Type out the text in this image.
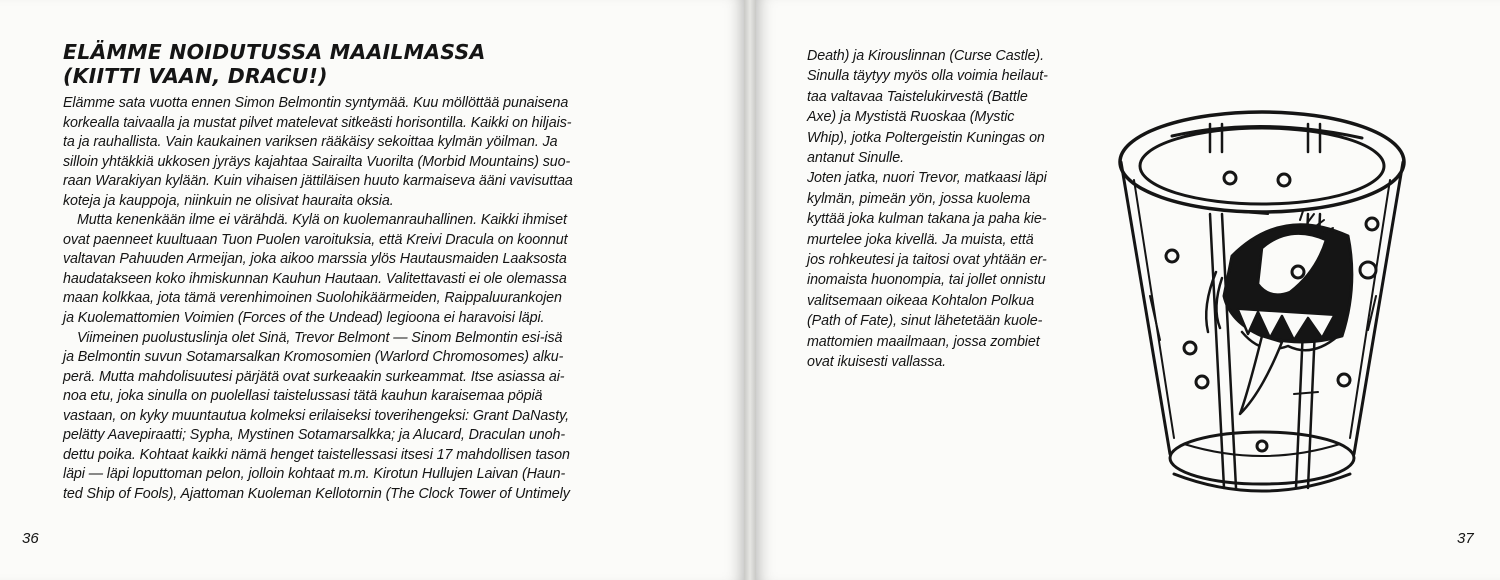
ELÄMME NOIDUTUSSA MAAILMASSA
(KIITTI VAAN, DRACU!)
Elämme sata vuotta ennen Simon Belmontin syntymää. Kuu möllöttää punaisena
korkealla taivaalla ja mustat pilvet matelevat sitkeästi horisontilla. Kaikki on hiljais-
ta ja rauhallista. Vain kaukainen variksen rääkäisy sekoittaa kylmän yöilman. Ja
silloin yhtäkkiä ukkosen jyräys kajahtaa Sairailta Vuorilta (Morbid Mountains) suo-
raan Warakiyan kylään. Kuin vihaisen jättiläisen huuto karmaiseva ääni vavisuttaa
koteja ja kauppoja, niinkuin ne olisivat hauraita oksia.
Mutta kenenkään ilme ei värähdä. Kylä on kuolemanrauhallinen. Kaikki ihmiset
ovat paenneet kuultuaan Tuon Puolen varoituksia, että Kreivi Dracula on koonnut
valtavan Pahuuden Armeijan, joka aikoo marssia ylös Hautausmaiden Laaksosta
haudatakseen koko ihmiskunnan Kauhun Hautaan. Valitettavasti ei ole olemassa
maan kolkkaa, jota tämä verenhimoinen Suolohikäärmeiden, Raippaluurankojen
ja Kuolemattomien Voimien (Forces of the Undead) legioona ei haravoisi läpi.
Viimeinen puolustuslinja olet Sinä, Trevor Belmont — Sinom Belmontin esi-isä
ja Belmontin suvun Sotamarsalkan Kromosomien (Warlord Chromosomes) alku-
perä. Mutta mahdolisuutesi pärjätä ovat surkeaakin surkeammat. Itse asiassa ai-
noa etu, joka sinulla on puolellasi taistelussasi tätä kauhun karaisemaa pöpiä
vastaan, on kyky muuntautua kolmeksi erilaiseksi toverihengeksi: Grant DaNasty,
pelätty Aavepiraatti; Sypha, Mystinen Sotamarsalkka; ja Alucard, Draculan unoh-
dettu poika. Kohtaat kaikki nämä henget taistellessasi itsesi 17 mahdollisen tason
läpi — läpi loputtoman pelon, jolloin kohtaat m.m. Kirotun Hullujen Laivan (Haun-
ted Ship of Fools), Ajattoman Kuoleman Kellotornin (The Clock Tower of Untimely
36	37
Death) ja Kirouslinnan (Curse Castle).
Sinulla täytyy myös olla voimia heilaut-
taa valtavaa Taistelukirvestä (Battle
Axe) ja Mystistä Ruoskaa (Mystic
Whip), jotka Poltergeistin Kuningas on
antanut Sinulle.
Joten jatka, nuori Trevor, matkaasi läpi
kylmän, pimeän yön, jossa kuolema
kyttää joka kulman takana ja paha kie-
murtelee joka kivellä. Ja muista, että
jos rohkeutesi ja taitosi ovat yhtään er-
inomaista huonompia, tai jollet onnistu
valitsemaan oikeaa Kohtalon Polkua
(Path of Fate), sinut lähetetään kuole-
mattomien maailmaan, jossa zombiet
ovat ikuisesti vallassa.
